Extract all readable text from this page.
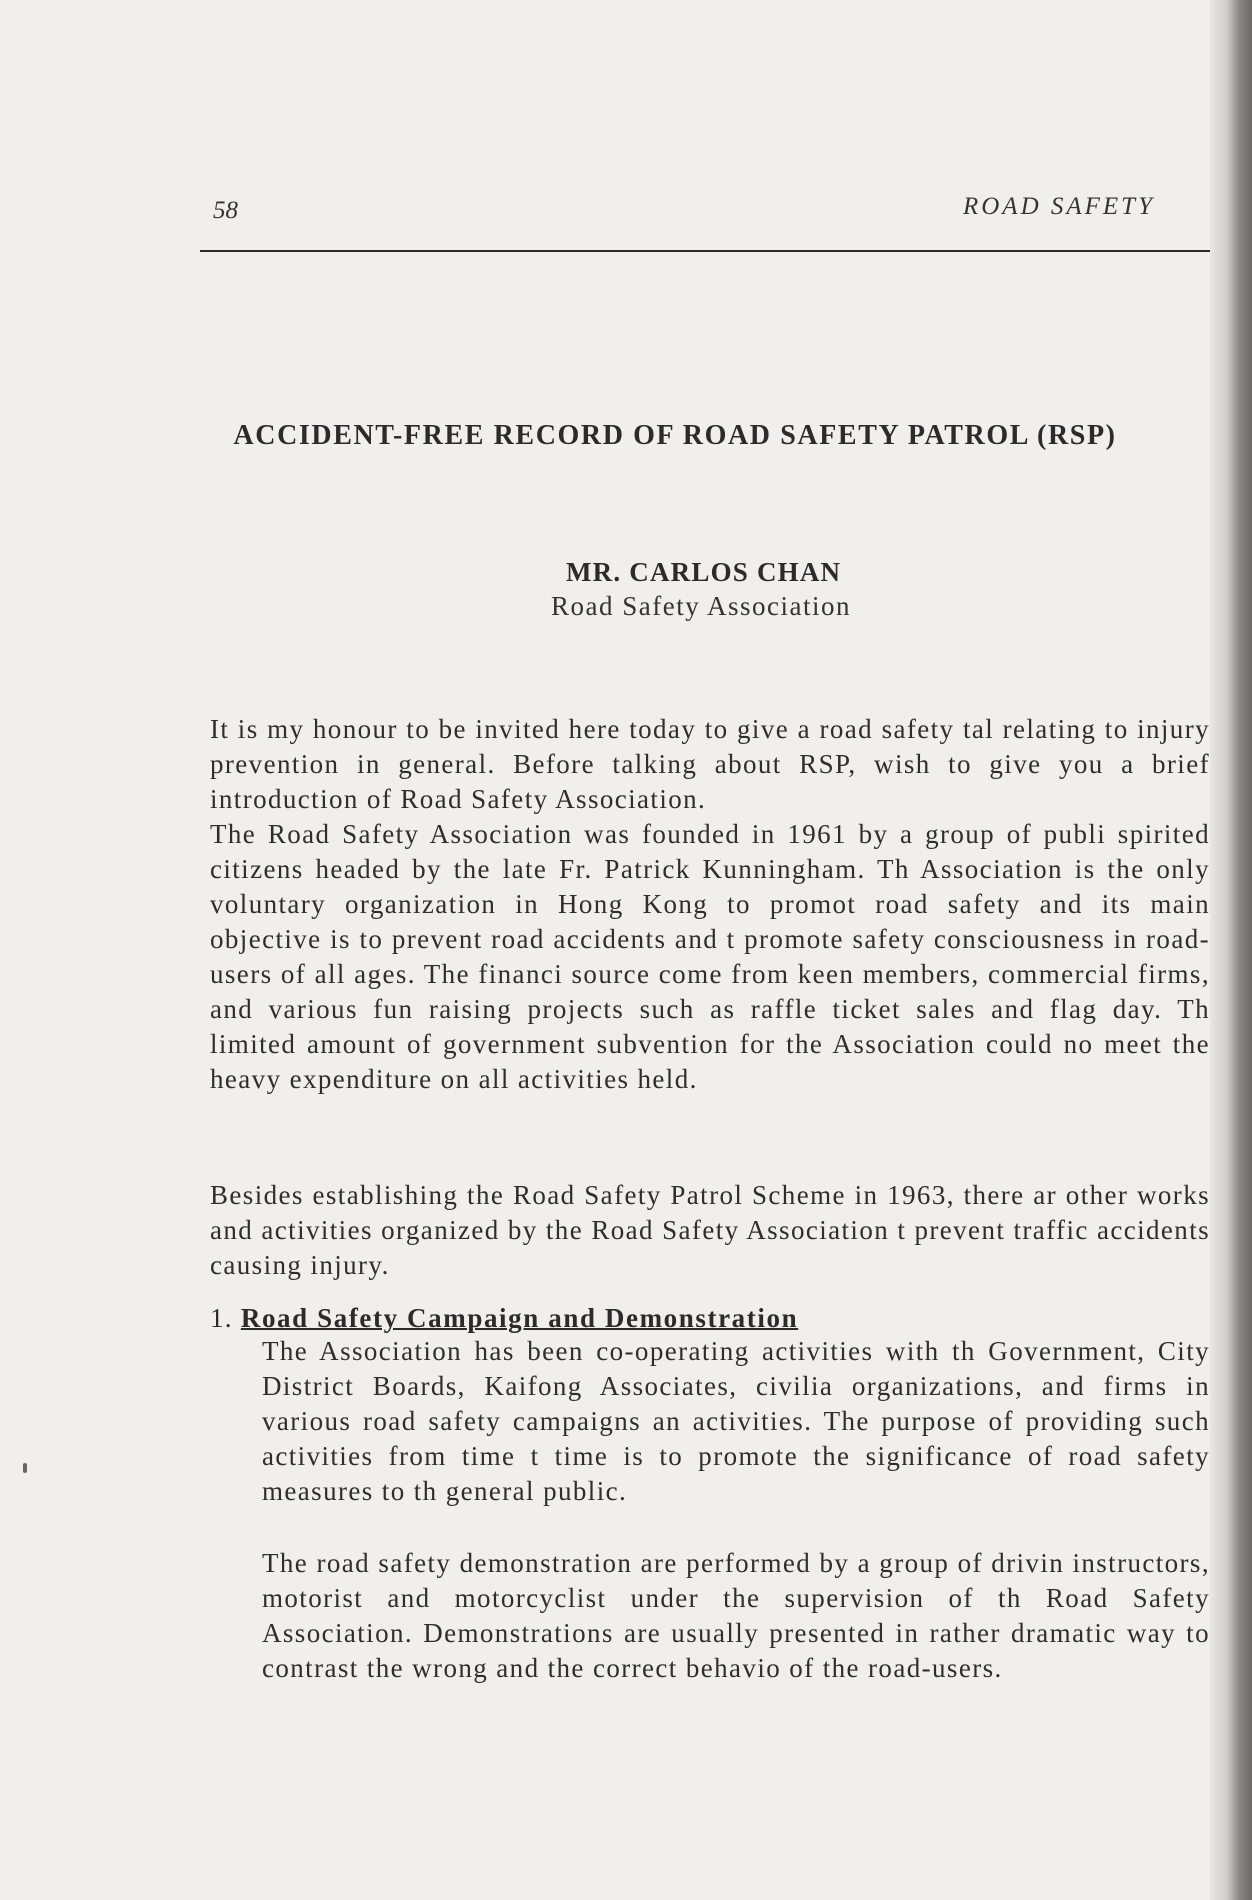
58	ROAD SAFETY
ACCIDENT-FREE RECORD OF ROAD SAFETY PATROL (RSP)
MR. CARLOS CHAN
Road Safety Association

It is my honour to be invited here today to give a road safety tal relating to injury prevention in general. Before talking about RSP, wish to give you a brief introduction of Road Safety Association.

The Road Safety Association was founded in 1961 by a group of publi spirited citizens headed by the late Fr. Patrick Kunningham. Th Association is the only voluntary organization in Hong Kong to promot road safety and its main objective is to prevent road accidents and t promote safety consciousness in road-users of all ages. The financi source come from keen members, commercial firms, and various fun raising projects such as raffle ticket sales and flag day. Th limited amount of government subvention for the Association could no meet the heavy expenditure on all activities held.

Besides establishing the Road Safety Patrol Scheme in 1963, there ar other works and activities organized by the Road Safety Association t prevent traffic accidents causing injury.

1. Road Safety Campaign and Demonstration

The Association has been co-operating activities with th Government, City District Boards, Kaifong Associates, civilia organizations, and firms in various road safety campaigns an activities. The purpose of providing such activities from time t time is to promote the significance of road safety measures to th general public.

The road safety demonstration are performed by a group of drivin instructors, motorist and motorcyclist under the supervision of th Road Safety Association. Demonstrations are usually presented in rather dramatic way to contrast the wrong and the correct behavio of the road-users.
